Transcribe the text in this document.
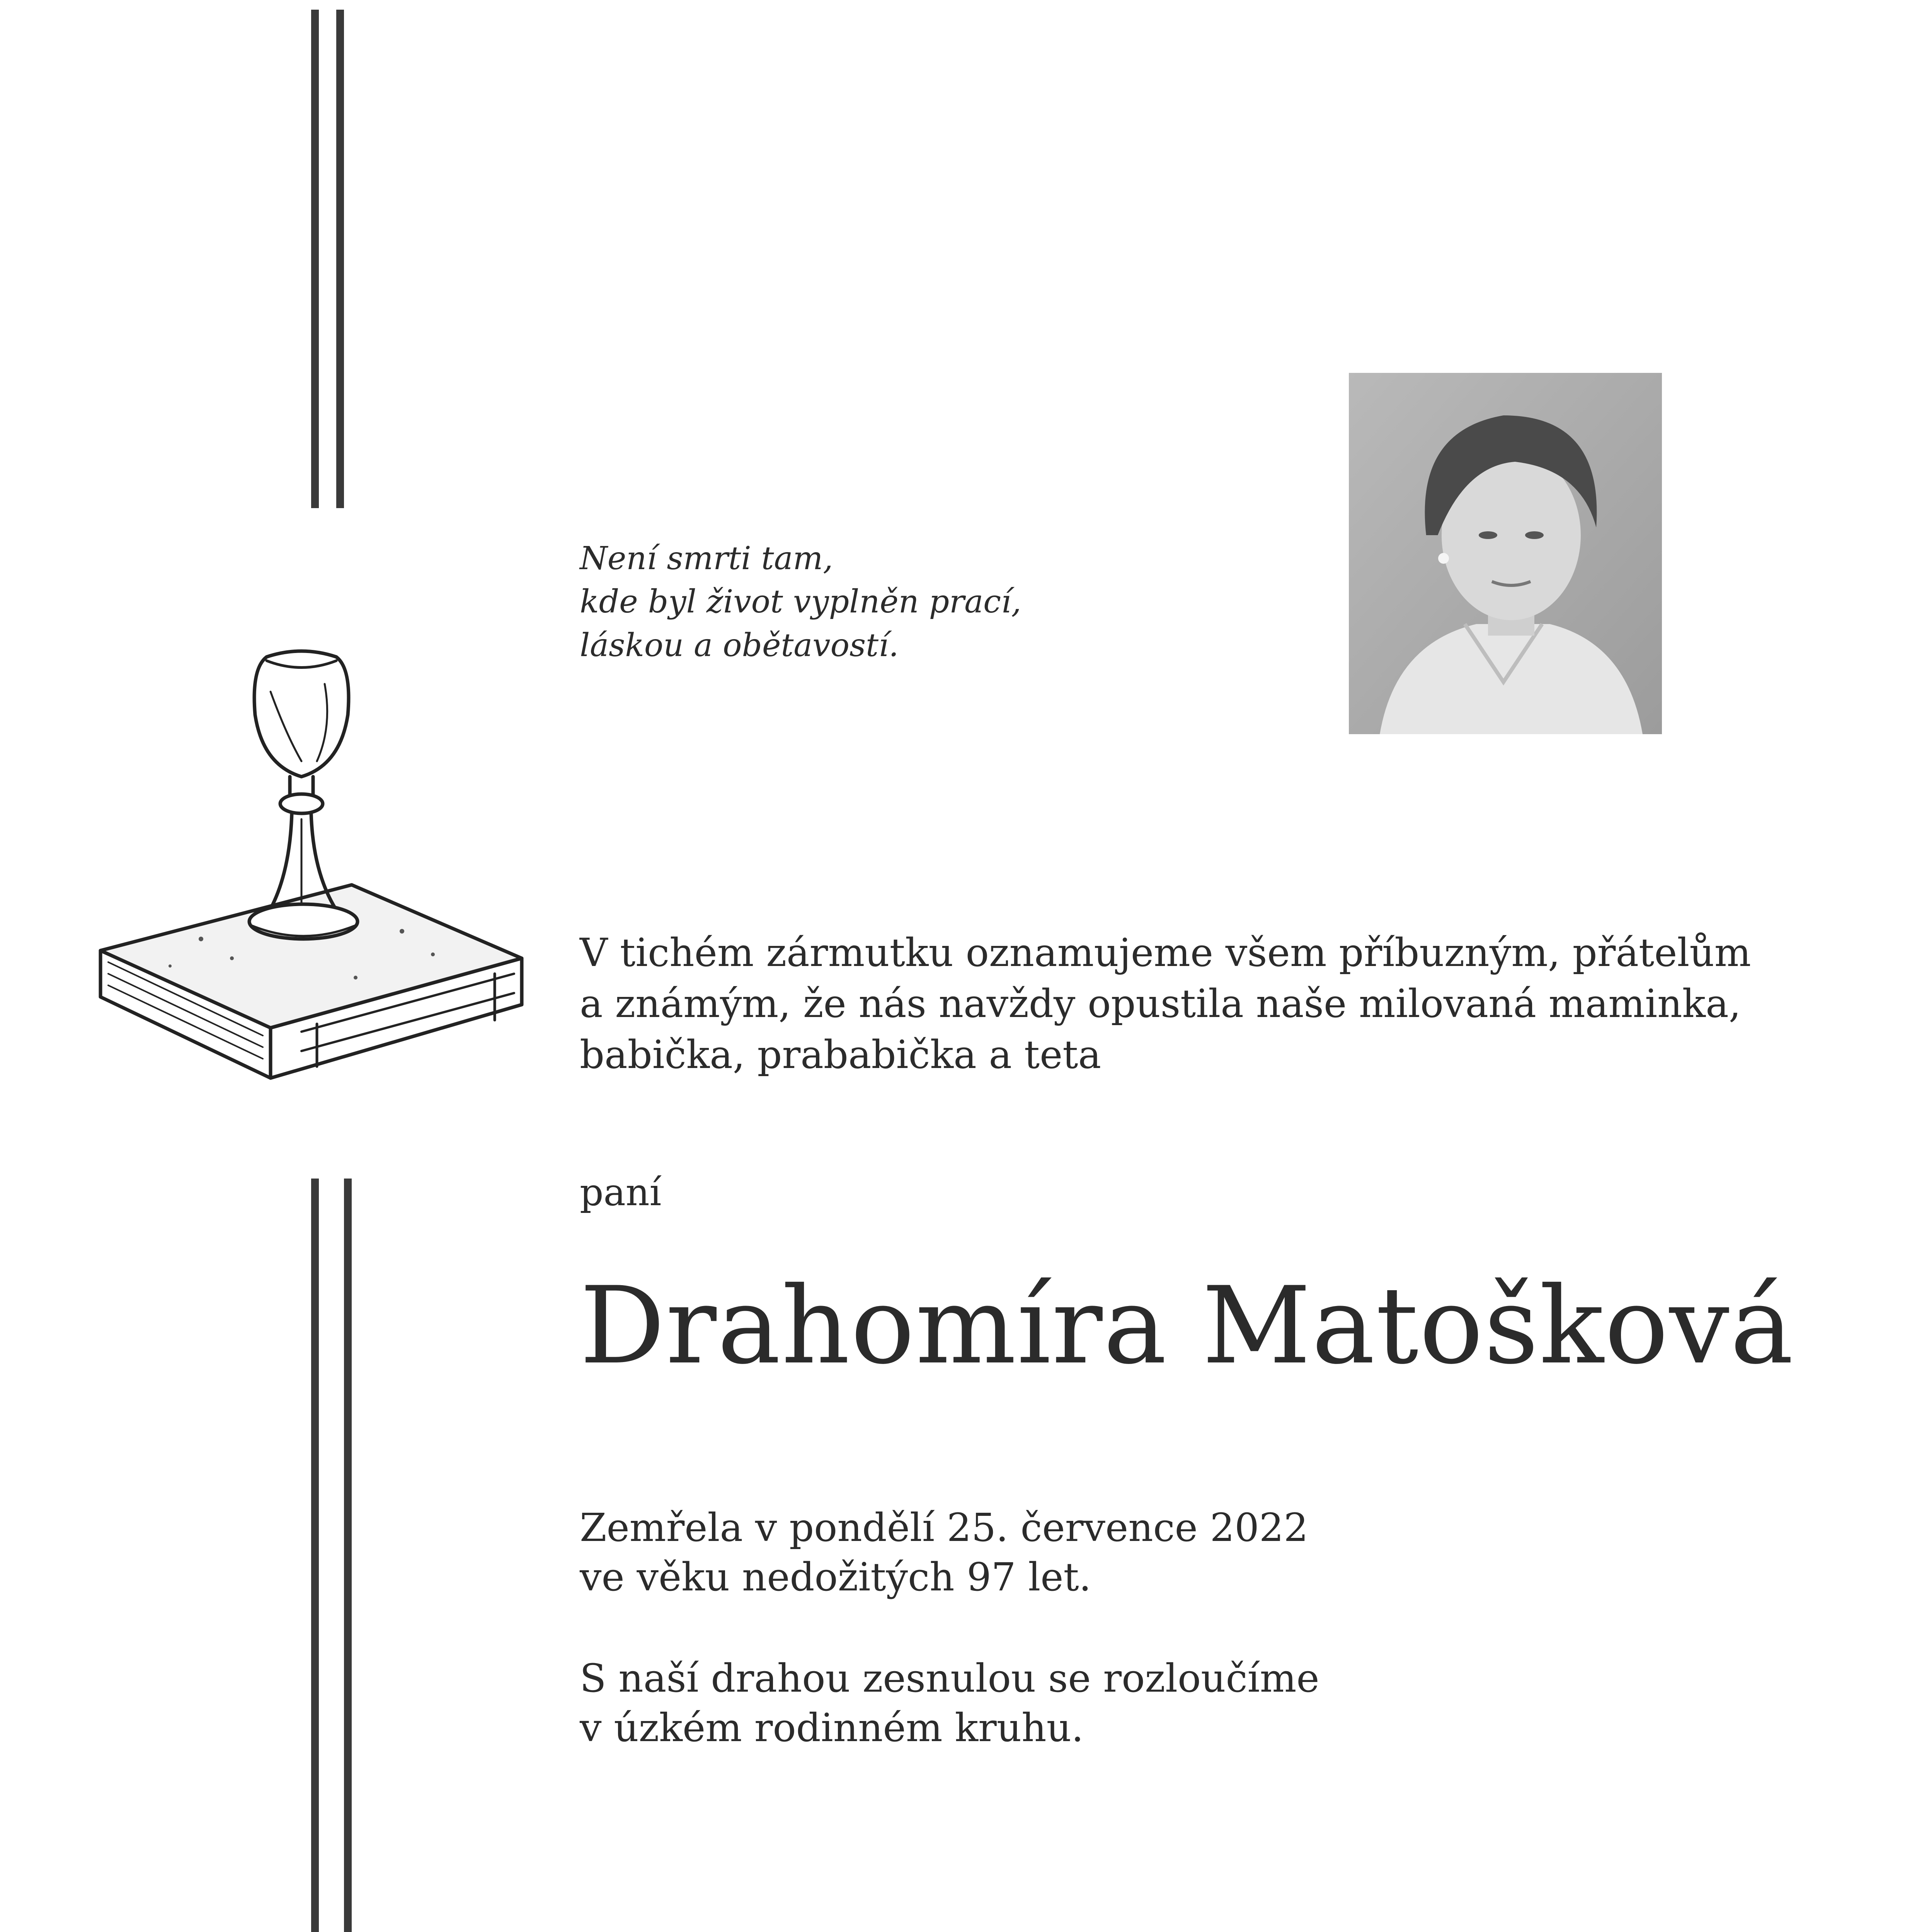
Není smrti tam,
kde byl život vyplněn prací,
láskou a obětavostí.

V tichém zármutku oznamujeme všem příbuzným, přátelům
a známým, že nás navždy opustila naše milovaná maminka,
babička, prababička a teta

paní

Drahomíra Matošková

Zemřela v pondělí 25. července 2022
ve věku nedožitých 97 let.

S naší drahou zesnulou se rozloučíme
v úzkém rodinném kruhu.
